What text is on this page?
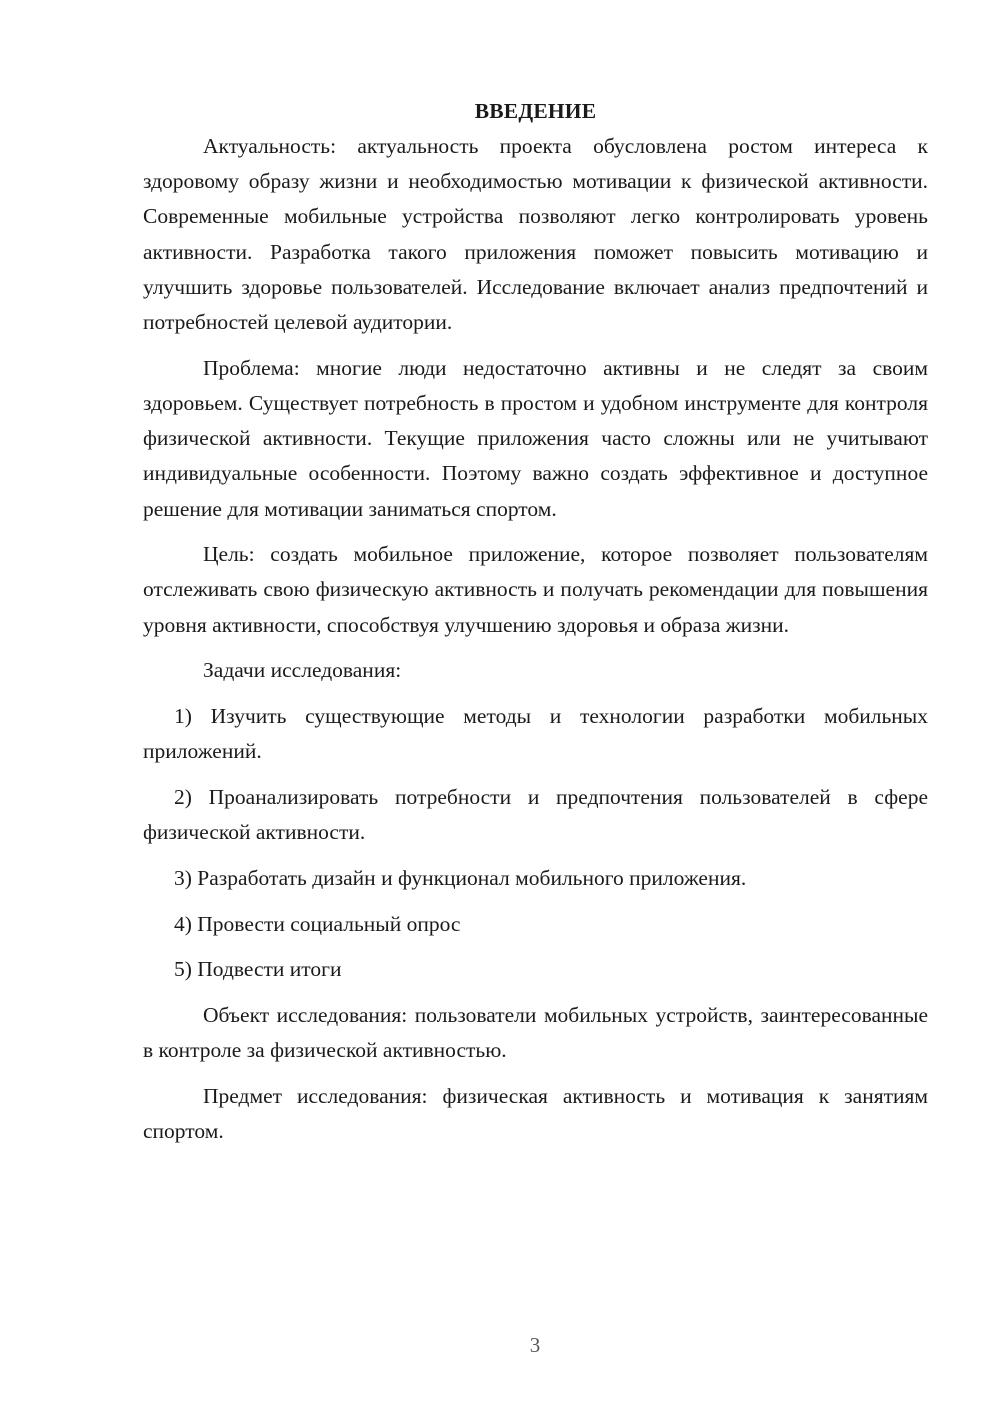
ВВЕДЕНИЕ

Актуальность: актуальность проекта обусловлена ростом интереса к здоровому образу жизни и необходимостью мотивации к физической активности. Современные мобильные устройства позволяют легко контролировать уровень активности. Разработка такого приложения поможет повысить мотивацию и улучшить здоровье пользователей. Исследование включает анализ предпочтений и потребностей целевой аудитории.

Проблема: многие люди недостаточно активны и не следят за своим здоровьем. Существует потребность в простом и удобном инструменте для контроля физической активности. Текущие приложения часто сложны или не учитывают индивидуальные особенности. Поэтому важно создать эффективное и доступное решение для мотивации заниматься спортом.

Цель: создать мобильное приложение, которое позволяет пользователям отслеживать свою физическую активность и получать рекомендации для повышения уровня активности, способствуя улучшению здоровья и образа жизни.

Задачи исследования:

1) Изучить существующие методы и технологии разработки мобильных приложений.

2) Проанализировать потребности и предпочтения пользователей в сфере физической активности.

3) Разработать дизайн и функционал мобильного приложения.

4) Провести социальный опрос

5) Подвести итоги

Объект исследования: пользователи мобильных устройств, заинтересованные в контроле за физической активностью.

Предмет исследования: физическая активность и мотивация к занятиям спортом.

3
